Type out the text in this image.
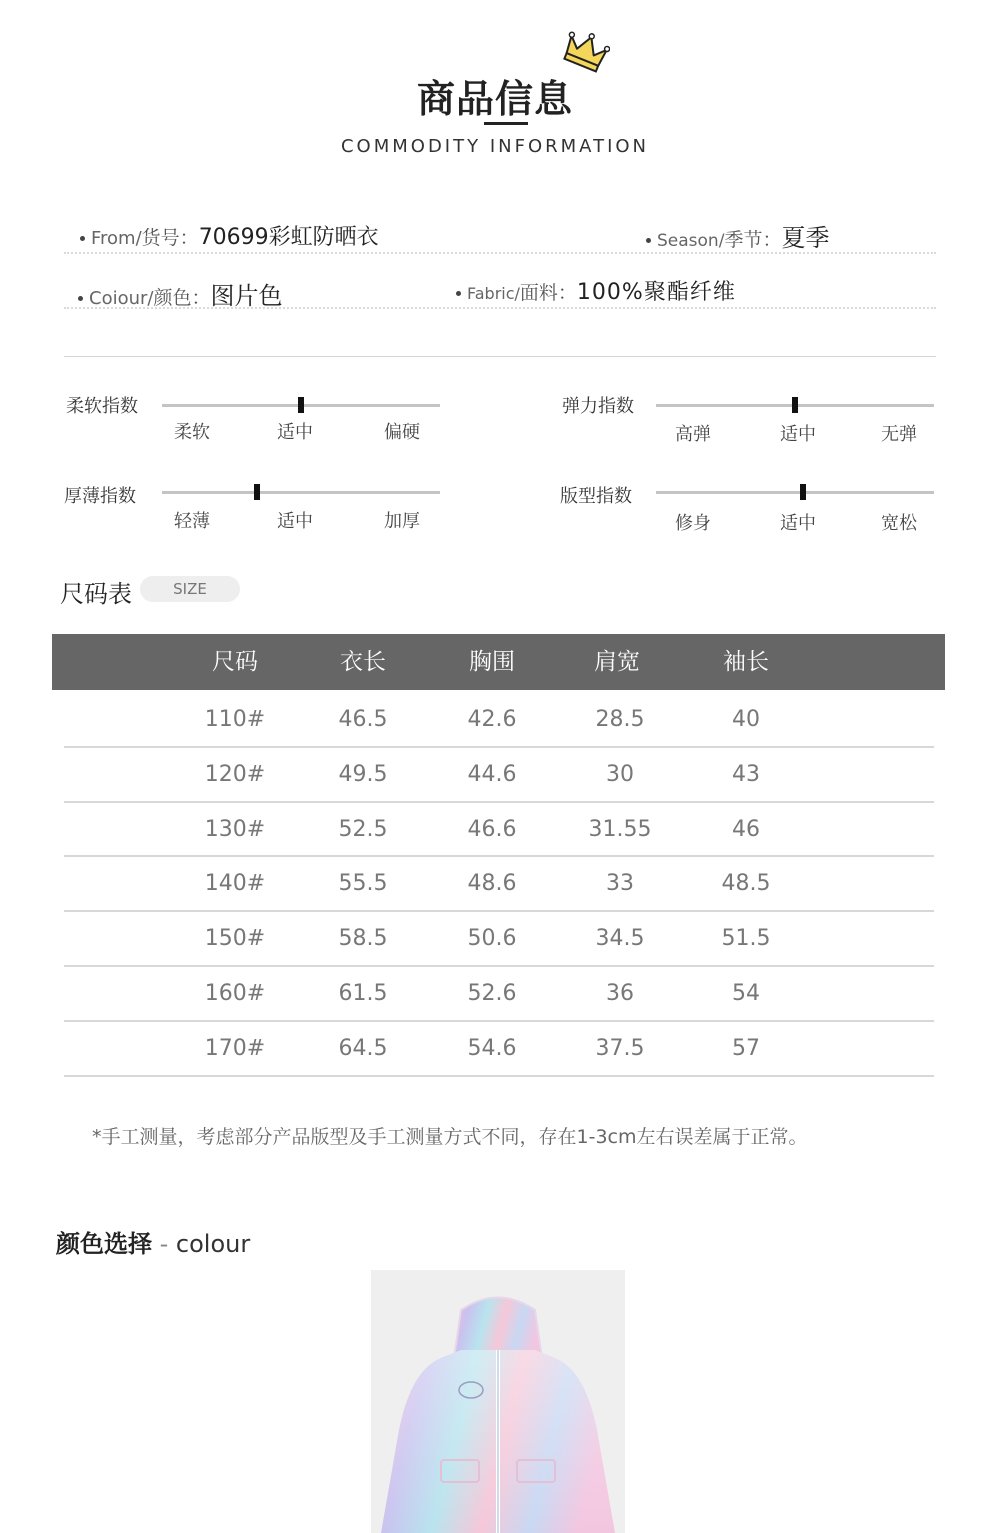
商品信息
COMMODITY INFORMATION
From/货号：70699彩虹防晒衣	Season/季节：夏季
Coiour/颜色：图片色	Fabric/面料：100%聚酯纤维
柔软指数
柔软	适中	偏硬
弹力指数
高弹	适中	无弹
厚薄指数
轻薄	适中	加厚
版型指数
修身	适中	宽松
尺码表	SIZE
尺码	衣长	胸围	肩宽	袖长
110#	46.5	42.6	28.5	40
120#	49.5	44.6	30	43
130#	52.5	46.6	31.55	46
140#	55.5	48.6	33	48.5
150#	58.5	50.6	34.5	51.5
160#	61.5	52.6	36	54
170#	64.5	54.6	37.5	57
*手工测量，考虑部分产品版型及手工测量方式不同，存在1-3cm左右误差属于正常。
颜色选择 - colour
